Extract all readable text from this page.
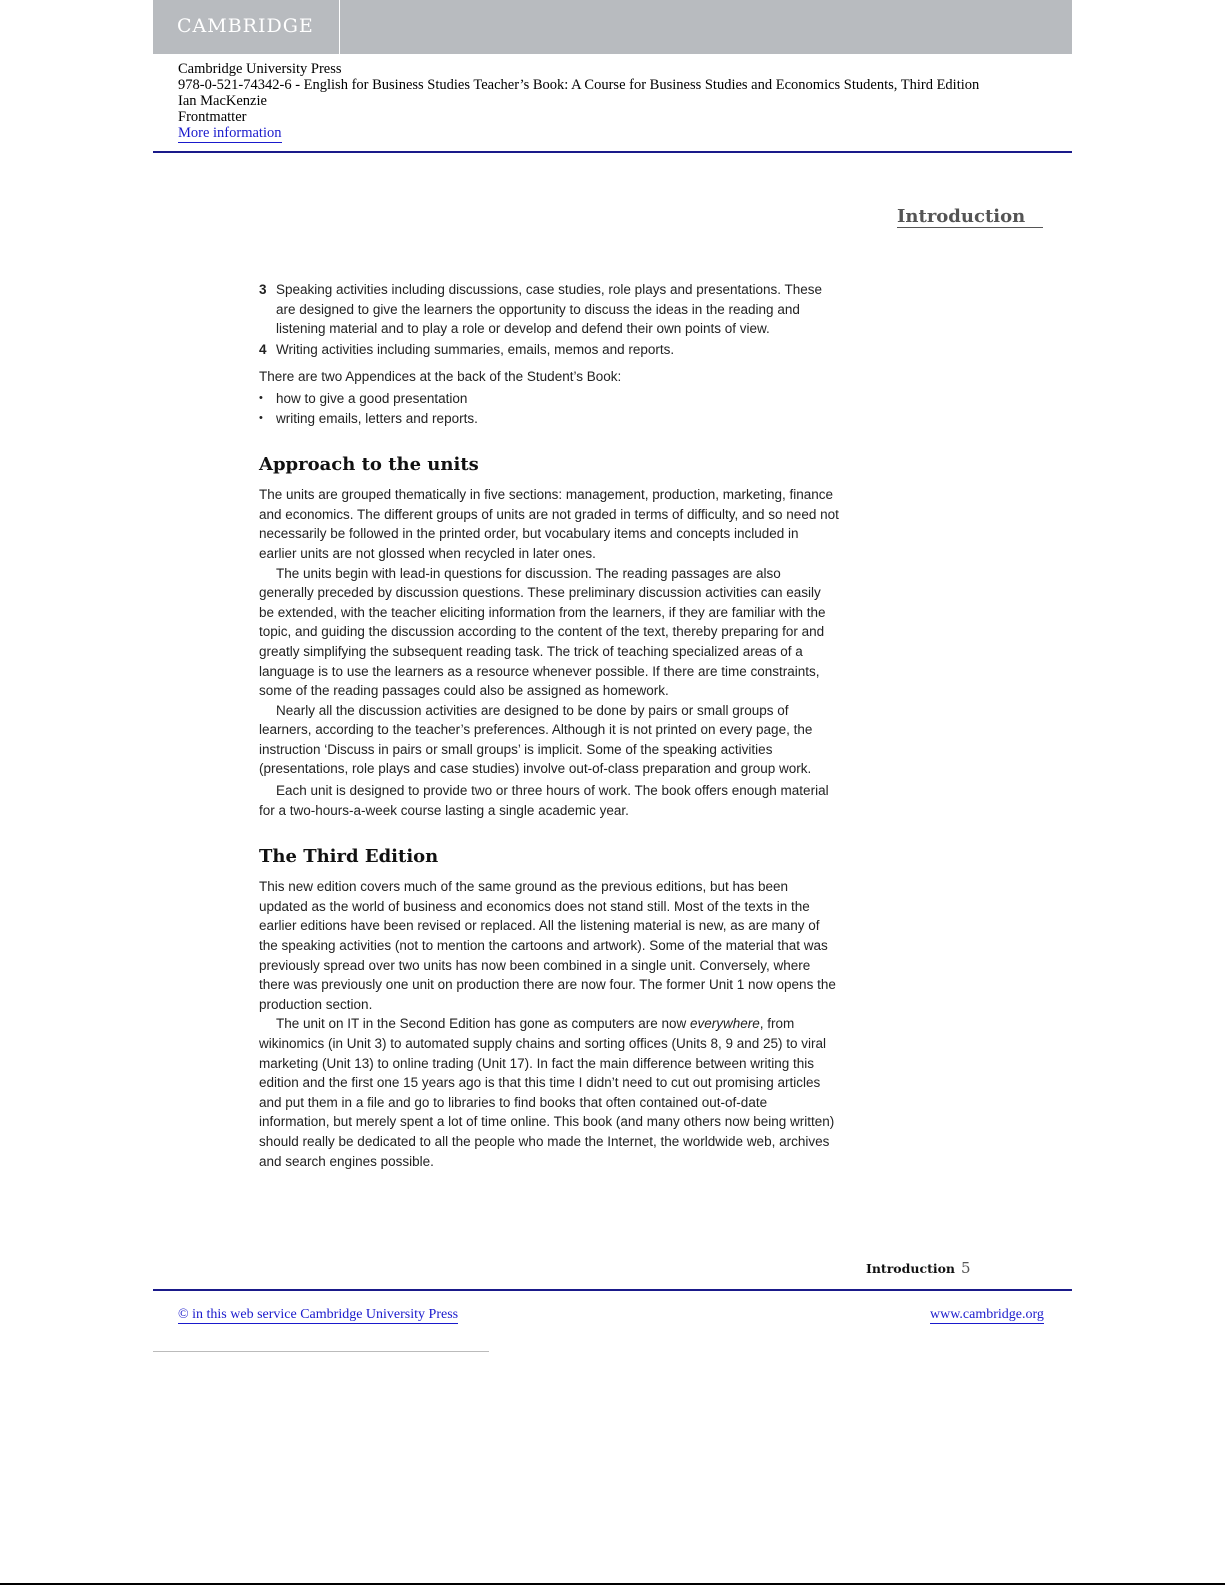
CAMBRIDGE
Cambridge University Press
978-0-521-74342-6 - English for Business Studies Teacher’s Book: A Course for Business Studies and Economics Students, Third Edition
Ian MacKenzie
Frontmatter
More information
Introduction
3 Speaking activities including discussions, case studies, role plays and presentations. These are designed to give the learners the opportunity to discuss the ideas in the reading and listening material and to play a role or develop and defend their own points of view.
4 Writing activities including summaries, emails, memos and reports.
There are two Appendices at the back of the Student’s Book:
• how to give a good presentation
• writing emails, letters and reports.
Approach to the units

The units are grouped thematically in five sections: management, production, marketing, finance and economics. The different groups of units are not graded in terms of difficulty, and so need not necessarily be followed in the printed order, but vocabulary items and concepts included in earlier units are not glossed when recycled in later ones.

The units begin with lead-in questions for discussion. The reading passages are also generally preceded by discussion questions. These preliminary discussion activities can easily be extended, with the teacher eliciting information from the learners, if they are familiar with the topic, and guiding the discussion according to the content of the text, thereby preparing for and greatly simplifying the subsequent reading task. The trick of teaching specialized areas of a language is to use the learners as a resource whenever possible. If there are time constraints, some of the reading passages could also be assigned as homework.

Nearly all the discussion activities are designed to be done by pairs or small groups of learners, according to the teacher’s preferences. Although it is not printed on every page, the instruction ‘Discuss in pairs or small groups’ is implicit. Some of the speaking activities (presentations, role plays and case studies) involve out-of-class preparation and group work.

Each unit is designed to provide two or three hours of work. The book offers enough material for a two-hours-a-week course lasting a single academic year.

The Third Edition

This new edition covers much of the same ground as the previous editions, but has been updated as the world of business and economics does not stand still. Most of the texts in the earlier editions have been revised or replaced. All the listening material is new, as are many of the speaking activities (not to mention the cartoons and artwork). Some of the material that was previously spread over two units has now been combined in a single unit. Conversely, where there was previously one unit on production there are now four. The former Unit 1 now opens the production section.

The unit on IT in the Second Edition has gone as computers are now everywhere, from wikinomics (in Unit 3) to automated supply chains and sorting offices (Units 8, 9 and 25) to viral marketing (Unit 13) to online trading (Unit 17). In fact the main difference between writing this edition and the first one 15 years ago is that this time I didn’t need to cut out promising articles and put them in a file and go to libraries to find books that often contained out-of-date information, but merely spent a lot of time online. This book (and many others now being written) should really be dedicated to all the people who made the Internet, the worldwide web, archives and search engines possible.

Introduction 5
© in this web service Cambridge University Press	www.cambridge.org
